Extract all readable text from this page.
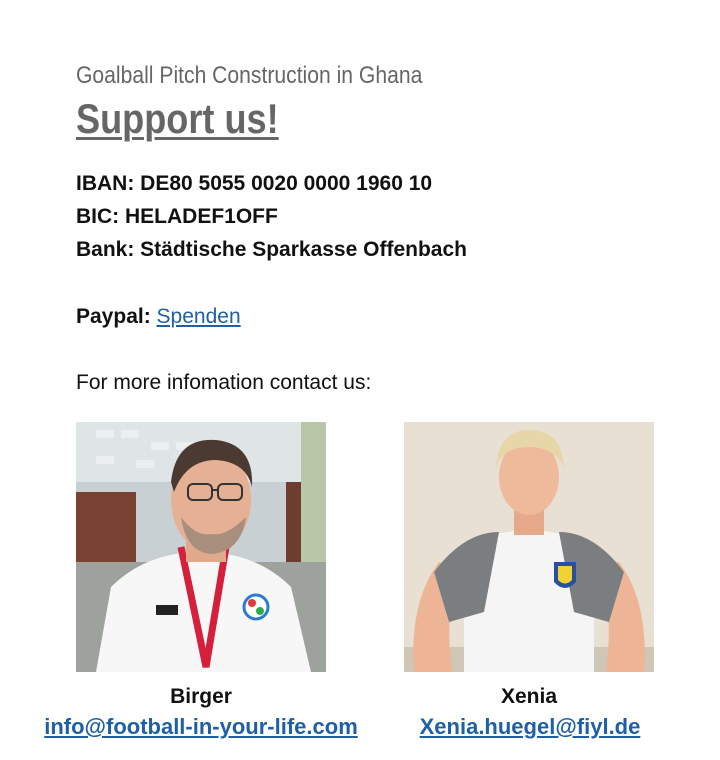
Goalball Pitch Construction in Ghana
Support us!
IBAN: DE80 5055 0020 0000 1960 10
BIC: HELADEF1OFF
Bank: Städtische Sparkasse Offenbach
Paypal: Spenden
For more infomation contact us:
Birger
info@football-in-your-life.com
Xenia
Xenia.huegel@fiyl.de
